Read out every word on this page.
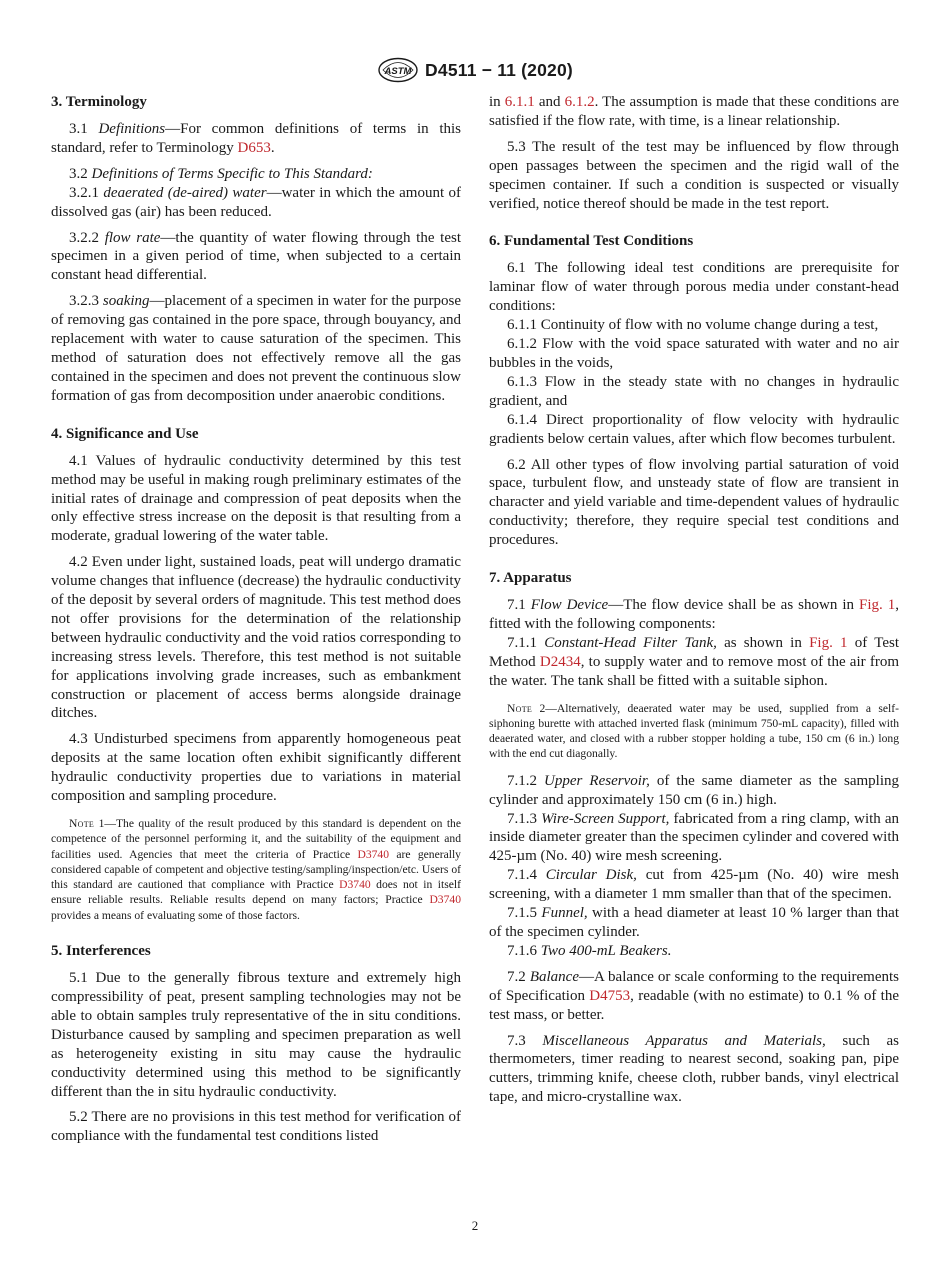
ASTM D4511 − 11 (2020)
3. Terminology

3.1 Definitions—For common definitions of terms in this standard, refer to Terminology D653.

3.2 Definitions of Terms Specific to This Standard:

3.2.1 deaerated (de-aired) water—water in which the amount of dissolved gas (air) has been reduced.

3.2.2 flow rate—the quantity of water flowing through the test specimen in a given period of time, when subjected to a certain constant head differential.

3.2.3 soaking—placement of a specimen in water for the purpose of removing gas contained in the pore space, through bouyancy, and replacement with water to cause saturation of the specimen. This method of saturation does not effectively remove all the gas contained in the specimen and does not prevent the continuous slow formation of gas from decomposition under anaerobic conditions.

4. Significance and Use

4.1 Values of hydraulic conductivity determined by this test method may be useful in making rough preliminary estimates of the initial rates of drainage and compression of peat deposits when the only effective stress increase on the deposit is that resulting from a moderate, gradual lowering of the water table.

4.2 Even under light, sustained loads, peat will undergo dramatic volume changes that influence (decrease) the hydraulic conductivity of the deposit by several orders of magnitude. This test method does not offer provisions for the determination of the relationship between hydraulic conductivity and the void ratios corresponding to increasing stress levels. Therefore, this test method is not suitable for applications involving grade increases, such as embankment construction or placement of access berms alongside drainage ditches.

4.3 Undisturbed specimens from apparently homogeneous peat deposits at the same location often exhibit significantly different hydraulic conductivity properties due to variations in material composition and sampling procedure.

Note 1—The quality of the result produced by this standard is dependent on the competence of the personnel performing it, and the suitability of the equipment and facilities used. Agencies that meet the criteria of Practice D3740 are generally considered capable of competent and objective testing/sampling/inspection/etc. Users of this standard are cautioned that compliance with Practice D3740 does not in itself ensure reliable results. Reliable results depend on many factors; Practice D3740 provides a means of evaluating some of those factors.
5. Interferences

5.1 Due to the generally fibrous texture and extremely high compressibility of peat, present sampling technologies may not be able to obtain samples truly representative of the in situ conditions. Disturbance caused by sampling and specimen preparation as well as heterogeneity existing in situ may cause the hydraulic conductivity determined using this method to be significantly different than the in situ hydraulic conductivity.

5.2 There are no provisions in this test method for verification of compliance with the fundamental test conditions listed

in 6.1.1 and 6.1.2. The assumption is made that these conditions are satisfied if the flow rate, with time, is a linear relationship.

5.3 The result of the test may be influenced by flow through open passages between the specimen and the rigid wall of the specimen container. If such a condition is suspected or visually verified, notice thereof should be made in the test report.

6. Fundamental Test Conditions

6.1 The following ideal test conditions are prerequisite for laminar flow of water through porous media under constant-head conditions:

6.1.1 Continuity of flow with no volume change during a test,

6.1.2 Flow with the void space saturated with water and no air bubbles in the voids,

6.1.3 Flow in the steady state with no changes in hydraulic gradient, and

6.1.4 Direct proportionality of flow velocity with hydraulic gradients below certain values, after which flow becomes turbulent.

6.2 All other types of flow involving partial saturation of void space, turbulent flow, and unsteady state of flow are transient in character and yield variable and time-dependent values of hydraulic conductivity; therefore, they require special test conditions and procedures.

7. Apparatus

7.1 Flow Device—The flow device shall be as shown in Fig. 1, fitted with the following components:

7.1.1 Constant-Head Filter Tank, as shown in Fig. 1 of Test Method D2434, to supply water and to remove most of the air from the water. The tank shall be fitted with a suitable siphon.

Note 2—Alternatively, deaerated water may be used, supplied from a self-siphoning burette with attached inverted flask (minimum 750-mL capacity), filled with deaerated water, and closed with a rubber stopper holding a tube, 150 cm (6 in.) long with the end cut diagonally.

7.1.2 Upper Reservoir, of the same diameter as the sampling cylinder and approximately 150 cm (6 in.) high.

7.1.3 Wire-Screen Support, fabricated from a ring clamp, with an inside diameter greater than the specimen cylinder and covered with 425-µm (No. 40) wire mesh screening.

7.1.4 Circular Disk, cut from 425-µm (No. 40) wire mesh screening, with a diameter 1 mm smaller than that of the specimen.

7.1.5 Funnel, with a head diameter at least 10 % larger than that of the specimen cylinder.

7.1.6 Two 400-mL Beakers.

7.2 Balance—A balance or scale conforming to the requirements of Specification D4753, readable (with no estimate) to 0.1 % of the test mass, or better.

7.3 Miscellaneous Apparatus and Materials, such as thermometers, timer reading to nearest second, soaking pan, pipe cutters, trimming knife, cheese cloth, rubber bands, vinyl electrical tape, and micro-crystalline wax.

2
